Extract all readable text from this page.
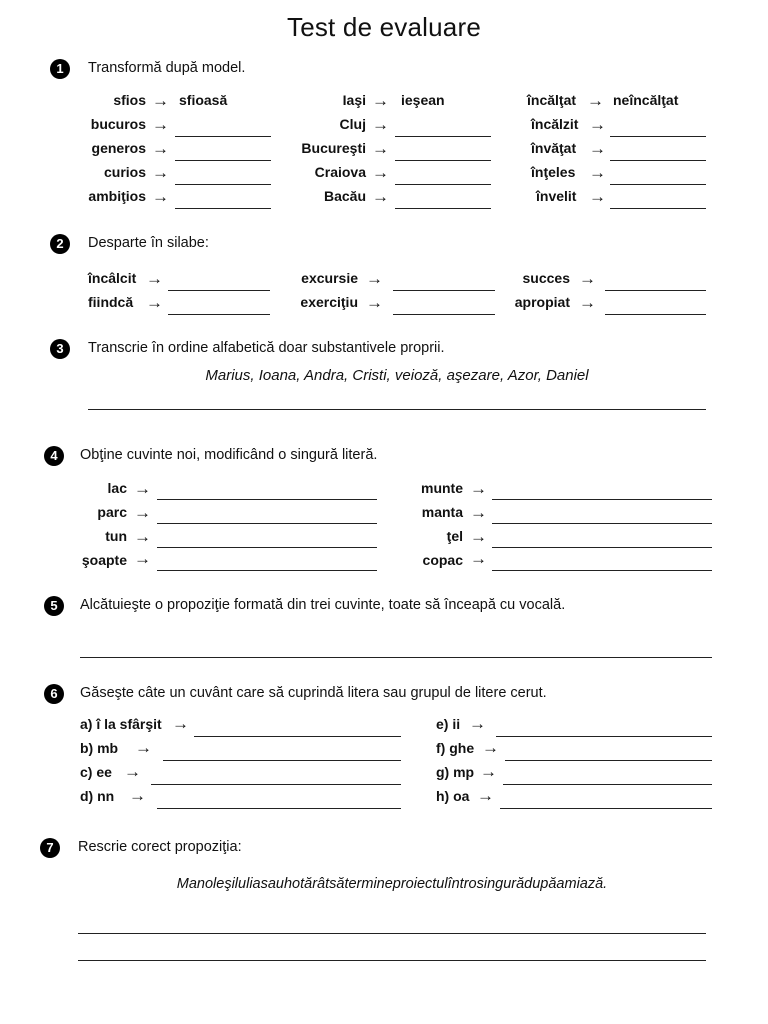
Test de evaluare
1	Transformă după model.
sfios → sfioasă
bucuros →
generos →
curios →
ambiţios →
Iaşi → ieşean
Cluj →
Bucureşti →
Craiova →
Bacău →
încălţat → neîncălţat
încălzit →
învăţat →
înţeles →
învelit →
2	Desparte în silabe:
încâlcit →
fiindcă →
excursie →
exerciţiu →
succes →
apropiat →
3	Transcrie în ordine alfabetică doar substantivele proprii.
Marius, Ioana, Andra, Cristi, veioză, aşezare, Azor, Daniel
4	Obţine cuvinte noi, modificând o singură literă.
lac →
parc →
tun →
şoapte →
munte →
manta →
ţel →
copac →
5	Alcătuieşte o propoziţie formată din trei cuvinte, toate să înceapă cu vocală.
6	Găseşte câte un cuvânt care să cuprindă litera sau grupul de litere cerut.
a) î la sfârşit →
b) mb →
c) ee →
d) nn →
e) ii →
f) ghe →
g) mp →
h) oa →
7	Rescrie corect propoziţia:
Manoleşiluliasauhotărâtsătermineproiectulîntrosingurădupăamiază.
